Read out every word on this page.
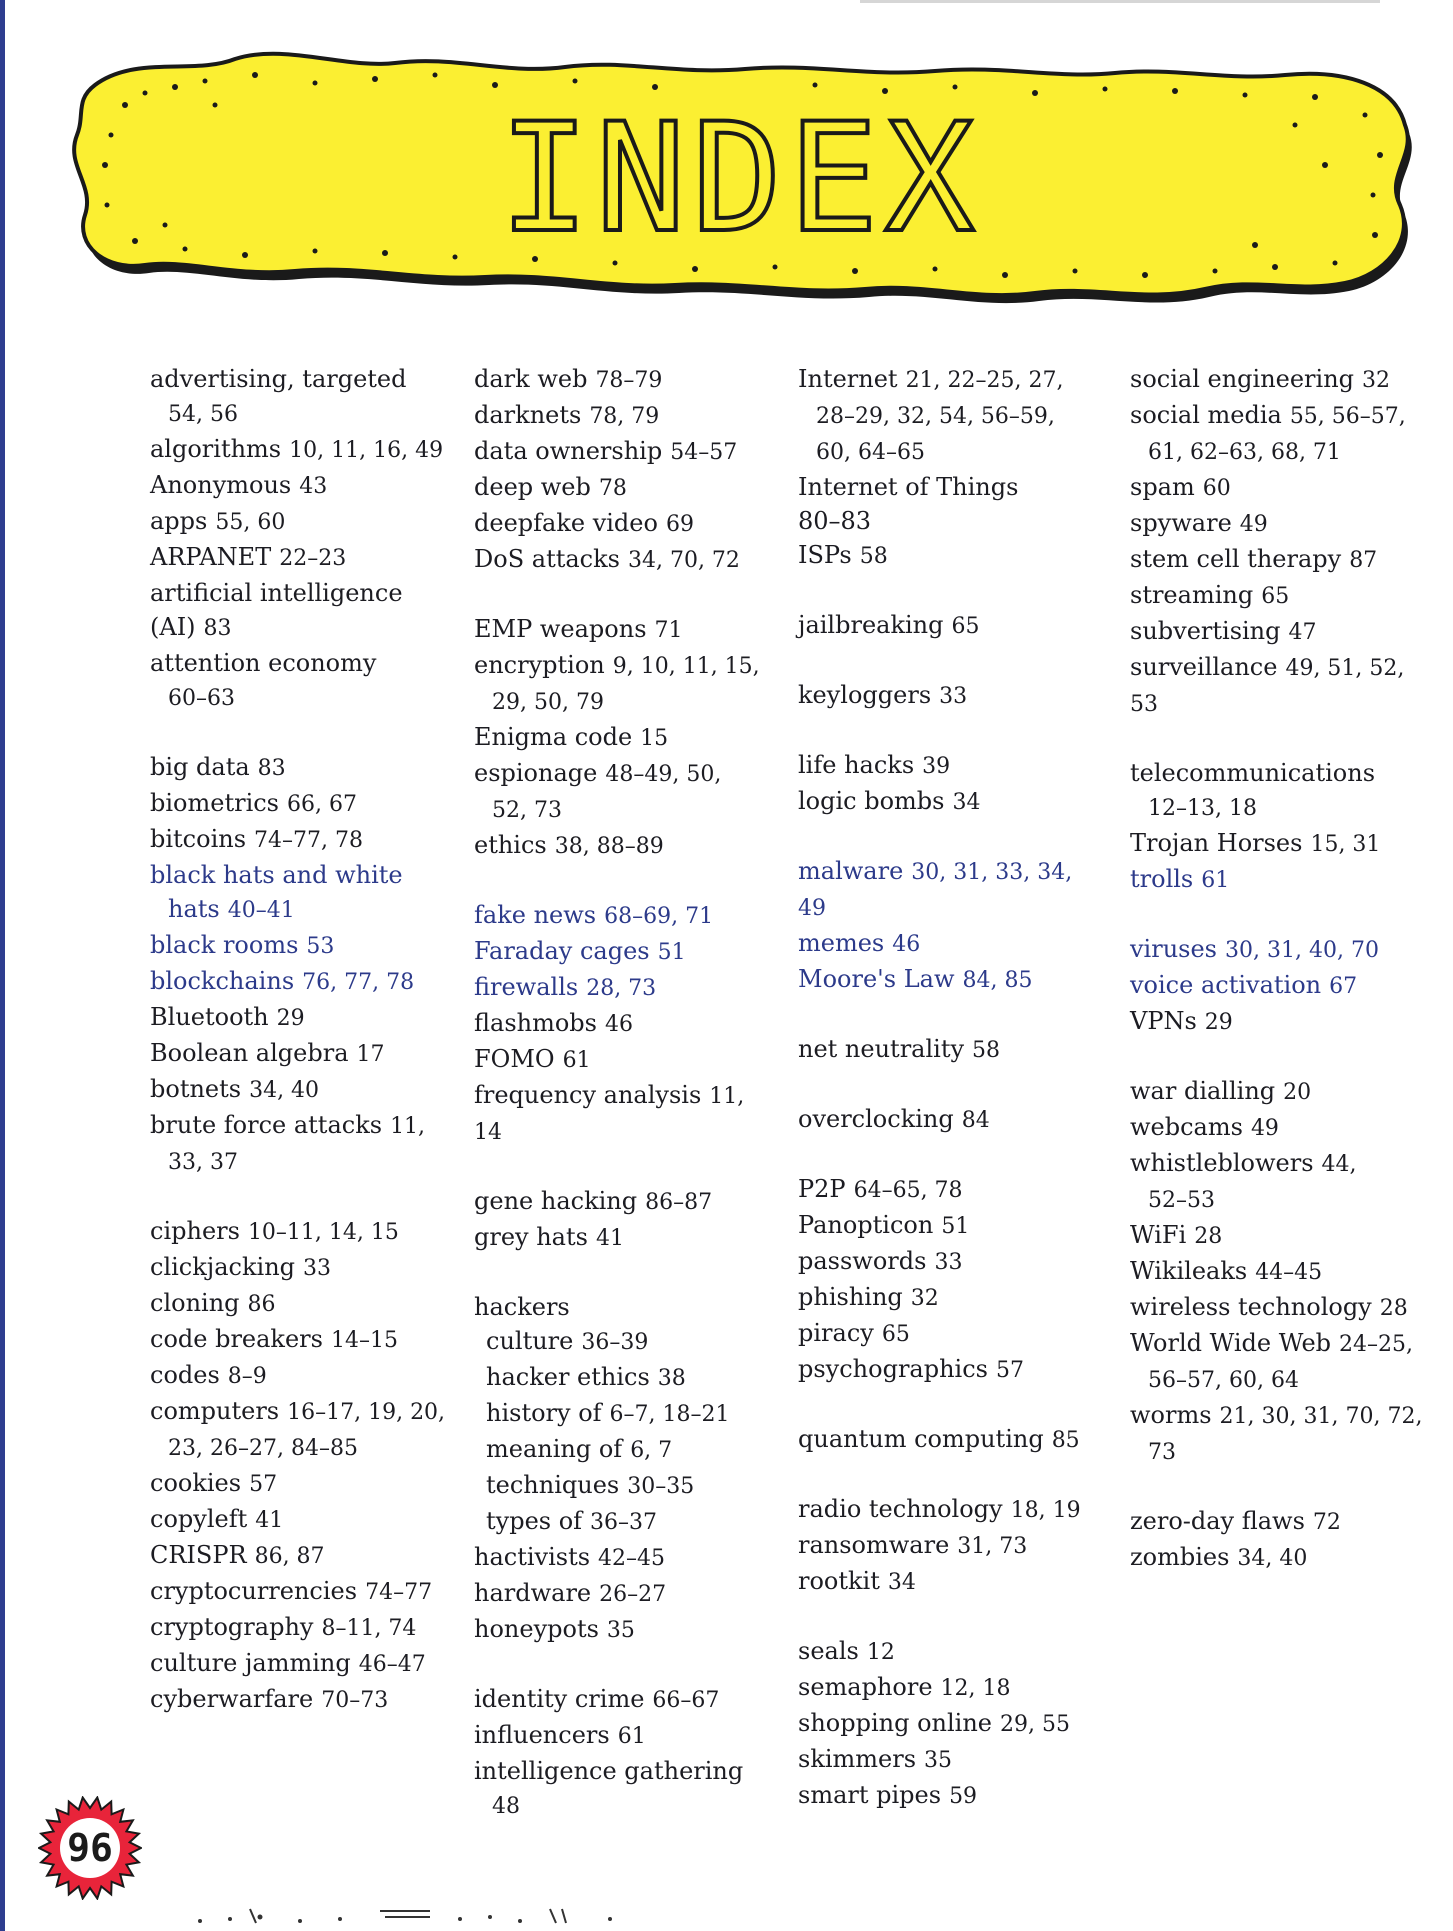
INDEX
advertising, targeted
54, 56
algorithms 10, 11, 16, 49
Anonymous 43
apps 55, 60
ARPANET 22–23
artificial intelligence
(AI) 83
attention economy
60–63
big data 83
biometrics 66, 67
bitcoins 74–77, 78
black hats and white
hats 40–41
black rooms 53
blockchains 76, 77, 78
Bluetooth 29
Boolean algebra 17
botnets 34, 40
brute force attacks 11,
33, 37
ciphers 10–11, 14, 15
clickjacking 33
cloning 86
code breakers 14–15
codes 8–9
computers 16–17, 19, 20,
23, 26–27, 84–85
cookies 57
copyleft 41
CRISPR 86, 87
cryptocurrencies 74–77
cryptography 8–11, 74
culture jamming 46–47
cyberwarfare 70–73
dark web 78–79
darknets 78, 79
data ownership 54–57
deep web 78
deepfake video 69
DoS attacks 34, 70, 72
EMP weapons 71
encryption 9, 10, 11, 15,
29, 50, 79
Enigma code 15
espionage 48–49, 50,
52, 73
ethics 38, 88–89
fake news 68–69, 71
Faraday cages 51
firewalls 28, 73
flashmobs 46
FOMO 61
frequency analysis 11, 14
gene hacking 86–87
grey hats 41
hackers
culture 36–39
hacker ethics 38
history of 6–7, 18–21
meaning of 6, 7
techniques 30–35
types of 36–37
hactivists 42–45
hardware 26–27
honeypots 35
identity crime 66–67
influencers 61
intelligence gathering
48
Internet 21, 22–25, 27,
28–29, 32, 54, 56–59,
60, 64–65
Internet of Things
80–83
ISPs 58
jailbreaking 65
keyloggers 33
life hacks 39
logic bombs 34
malware 30, 31, 33, 34, 49
memes 46
Moore's Law 84, 85
net neutrality 58
overclocking 84
P2P 64–65, 78
Panopticon 51
passwords 33
phishing 32
piracy 65
psychographics 57
quantum computing 85
radio technology 18, 19
ransomware 31, 73
rootkit 34
seals 12
semaphore 12, 18
shopping online 29, 55
skimmers 35
smart pipes 59
social engineering 32
social media 55, 56–57,
61, 62–63, 68, 71
spam 60
spyware 49
stem cell therapy 87
streaming 65
subvertising 47
surveillance 49, 51, 52, 53
telecommunications
12–13, 18
Trojan Horses 15, 31
trolls 61
viruses 30, 31, 40, 70
voice activation 67
VPNs 29
war dialling 20
webcams 49
whistleblowers 44,
52–53
WiFi 28
Wikileaks 44–45
wireless technology 28
World Wide Web 24–25,
56–57, 60, 64
worms 21, 30, 31, 70, 72,
73
zero-day flaws 72
zombies 34, 40
96
